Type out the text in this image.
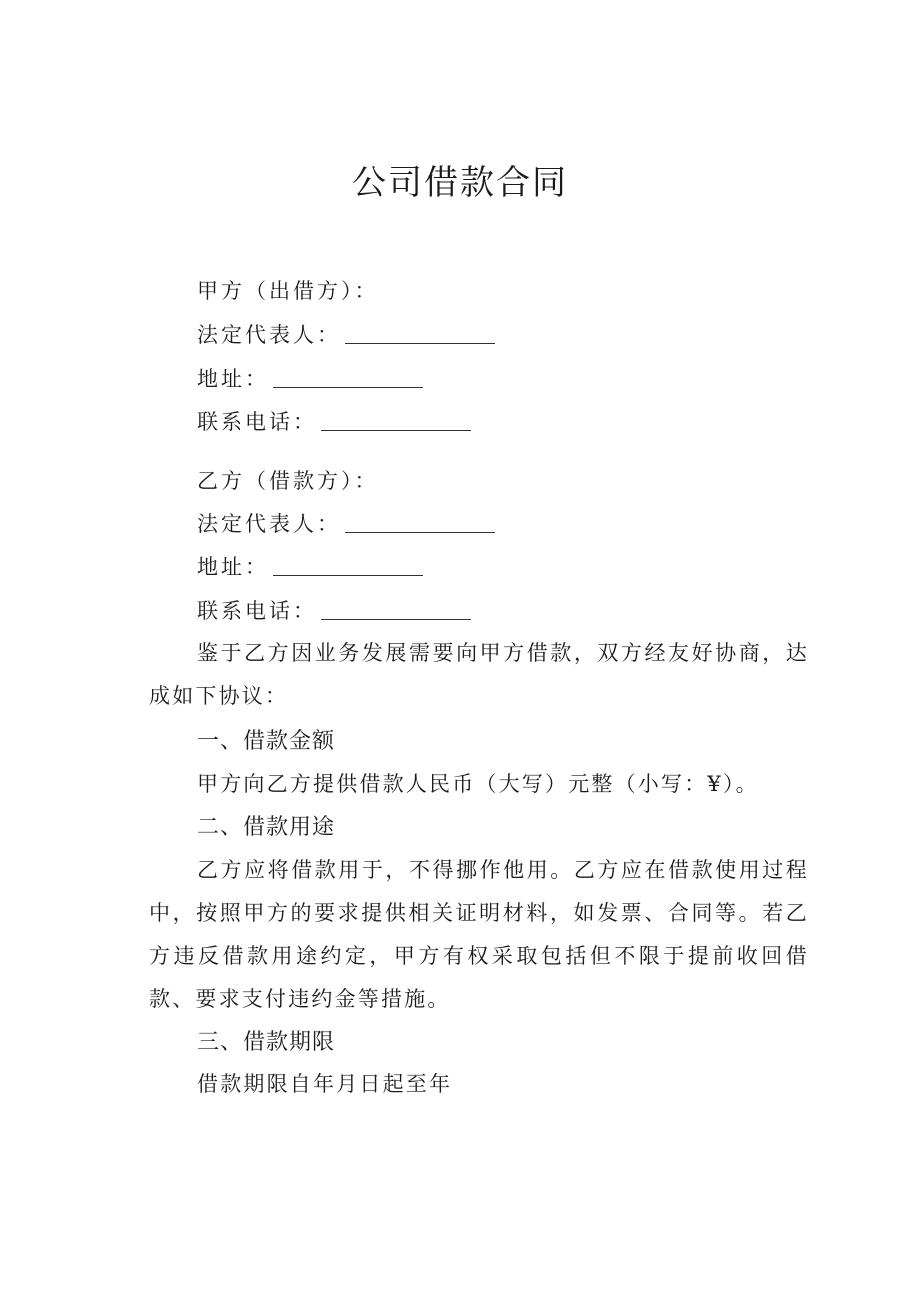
公司借款合同
甲方（出借方）：
法定代表人：
地址：
联系电话：
乙方（借款方）：
法定代表人：
地址：
联系电话：
鉴于乙方因业务发展需要向甲方借款，双方经友好协商，达成如下协议：
一、借款金额
甲方向乙方提供借款人民币（大写）元整（小写：¥）。
二、借款用途
乙方应将借款用于，不得挪作他用。乙方应在借款使用过程中，按照甲方的要求提供相关证明材料，如发票、合同等。若乙方违反借款用途约定，甲方有权采取包括但不限于提前收回借款、要求支付违约金等措施。
三、借款期限
借款期限自年月日起至年
